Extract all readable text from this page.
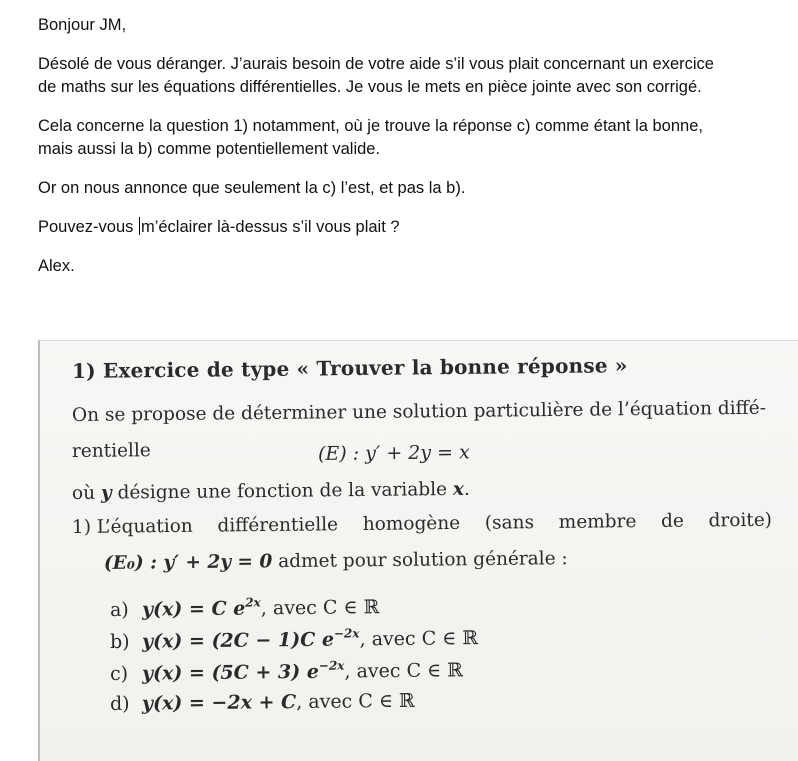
Bonjour JM,

Désolé de vous déranger. J’aurais besoin de votre aide s’il vous plait concernant un exercice
de maths sur les équations différentielles. Je vous le mets en pièce jointe avec son corrigé.

Cela concerne la question 1) notamment, où je trouve la réponse c) comme étant la bonne,
mais aussi la b) comme potentiellement valide.

Or on nous annonce que seulement la c) l’est, et pas la b).

Pouvez-vous m’éclairer là-dessus s’il vous plait ?

Alex.

1) Exercice de type « Trouver la bonne réponse »
On se propose de déterminer une solution particulière de l’équation diffé-
rentielle	(E) : y′ + 2y = x
où y désigne une fonction de la variable x.
1) L’équation différentielle homogène (sans membre de droite)
(E₀) : y′ + 2y = 0 admet pour solution générale :
a) y(x) = C $e^{2x}$, avec C ∈ ℝ
b) y(x) = (2C − 1)C $e^{-2x}$, avec C ∈ ℝ
c) y(x) = (5C + 3) $e^{-2x}$, avec C ∈ ℝ
d) y(x) = −2x + C, avec C ∈ ℝ
